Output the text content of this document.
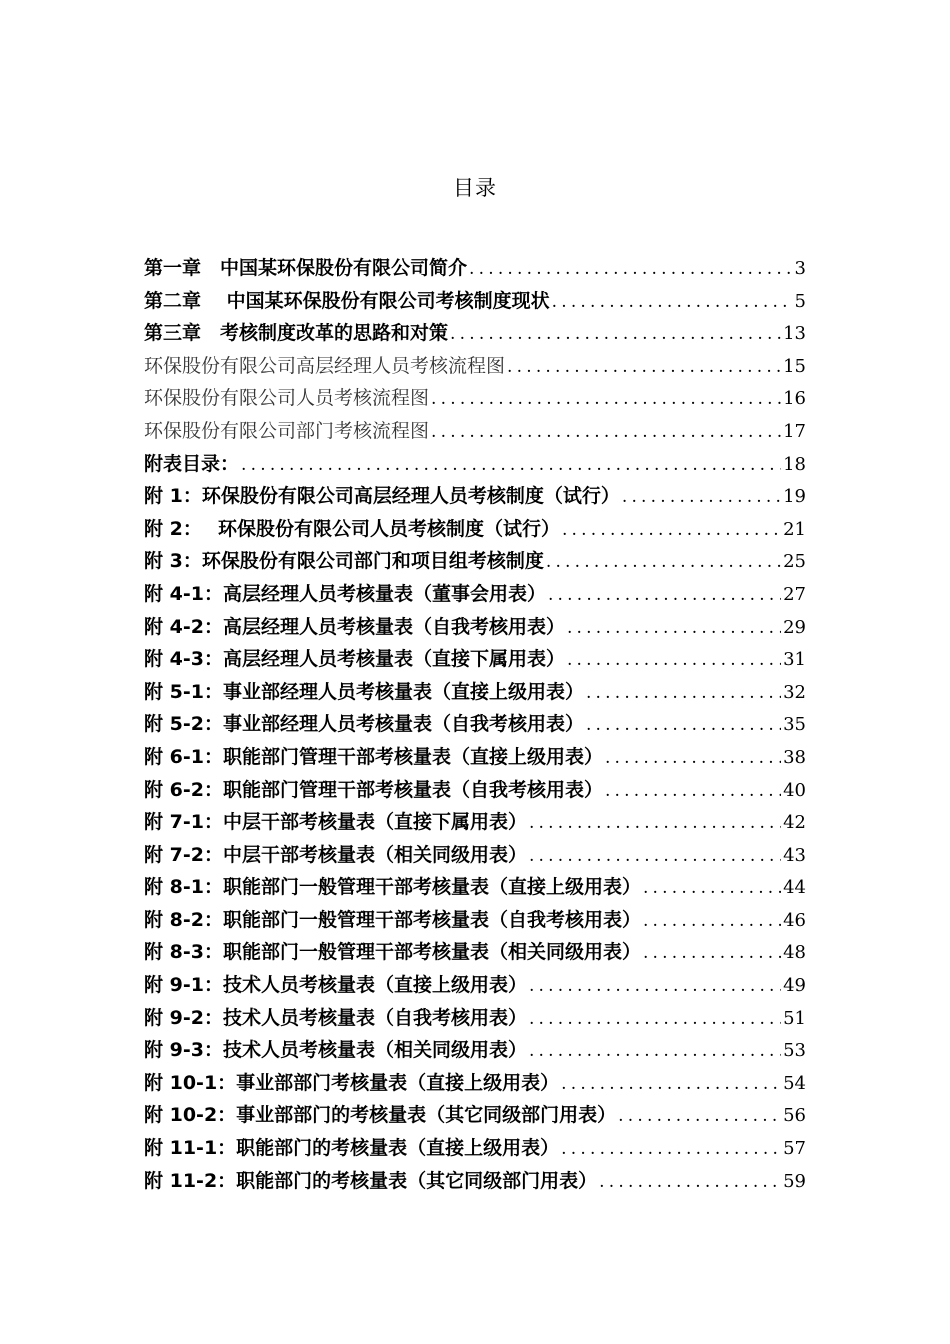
目录
第一章　中国某环保股份有限公司简介 .....	3
第二章　 中国某环保股份有限公司考核制度现状 .....	5
第三章　考核制度改革的思路和对策 .....	13
环保股份有限公司高层经理人员考核流程图 .....	15
环保股份有限公司人员考核流程图 .....	16
环保股份有限公司部门考核流程图 .....	17
附表目录： .....	18
附 1：环保股份有限公司高层经理人员考核制度（试行） .....	19
附 2：　 环保股份有限公司人员考核制度（试行） .....	21
附 3：环保股份有限公司部门和项目组考核制度 .....	25
附 4-1：高层经理人员考核量表（董事会用表） .....	27
附 4-2：高层经理人员考核量表（自我考核用表） .....	29
附 4-3：高层经理人员考核量表（直接下属用表） .....	31
附 5-1：事业部经理人员考核量表（直接上级用表） .....	32
附 5-2：事业部经理人员考核量表（自我考核用表） .....	35
附 6-1：职能部门管理干部考核量表（直接上级用表） .....	38
附 6-2：职能部门管理干部考核量表（自我考核用表） .....	40
附 7-1：中层干部考核量表（直接下属用表） .....	42
附 7-2：中层干部考核量表（相关同级用表） .....	43
附 8-1：职能部门一般管理干部考核量表（直接上级用表） .....	44
附 8-2：职能部门一般管理干部考核量表（自我考核用表） .....	46
附 8-3：职能部门一般管理干部考核量表（相关同级用表） .....	48
附 9-1：技术人员考核量表（直接上级用表） .....	49
附 9-2：技术人员考核量表（自我考核用表） .....	51
附 9-3：技术人员考核量表（相关同级用表） .....	53
附 10-1：事业部部门考核量表（直接上级用表） .....	54
附 10-2：事业部部门的考核量表（其它同级部门用表） .....	56
附 11-1：职能部门的考核量表（直接上级用表） .....	57
附 11-2：职能部门的考核量表（其它同级部门用表） .....	59
